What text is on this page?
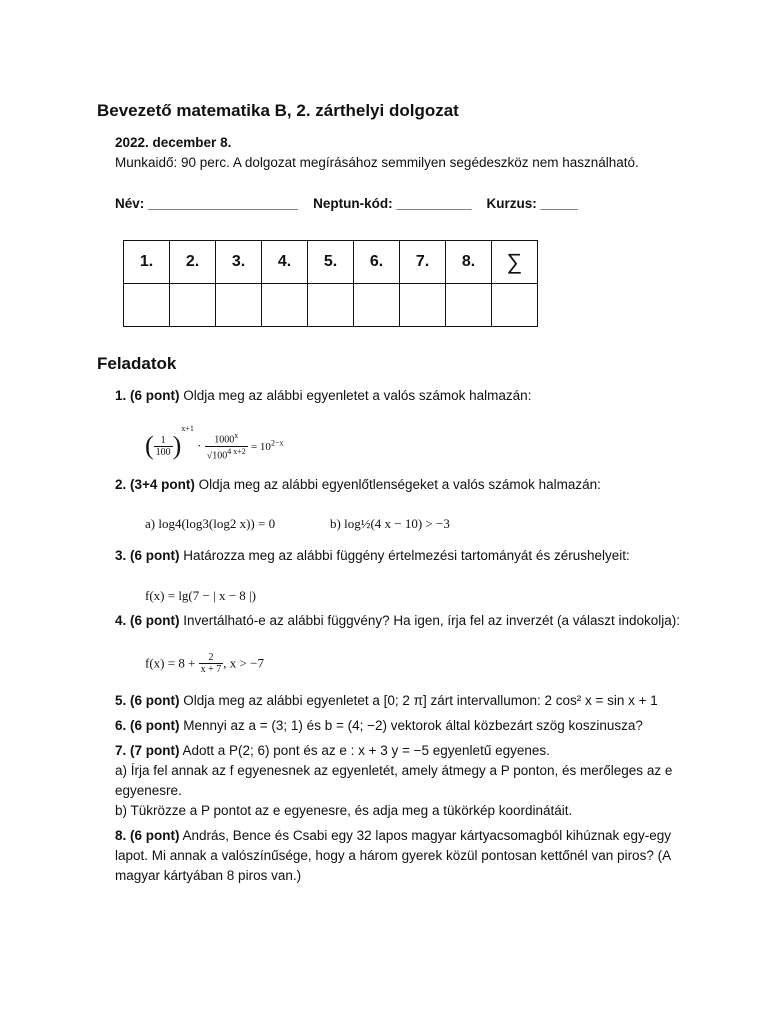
Bevezető matematika B, 2. zárthelyi dolgozat
2022. december 8.
Munkaidő: 90 perc. A dolgozat megírásához semmilyen segédeszköz nem használható.
Név: ____________________    Neptun-kód: __________    Kurzus: _____
1.	2.	3.	4.	5.	6.	7.	8.	∑

Feladatok
1. (6 pont) Oldja meg az alábbi egyenletet a valós számok halmazán:
( $\frac{1}{100} )^{x+1} \cdot \frac{1000^x}{√100^{4 x+2}} = 10^{2-x}$
2. (3+4 pont) Oldja meg az alábbi egyenlőtlenségeket a valós számok halmazán:
a) log4(log3(log2 x)) = 0	b) log½(4 x − 10) > −3
3. (6 pont) Határozza meg az alábbi függény értelmezési tartományát és zérushelyeit:
f(x) = lg(7 − | x − 8 |)
4. (6 pont) Invertálható-e az alábbi függvény? Ha igen, írja fel az inverzét (a választ indokolja):
$f(x) = 8 + \frac{2}{x + 7}$ , x > −7
5. (6 pont) Oldja meg az alábbi egyenletet a [0; 2 π] zárt intervallumon: 2 cos² x = sin x + 1
6. (6 pont) Mennyi az a = (3; 1) és b = (4; −2) vektorok által közbezárt szög koszinusza?
7. (7 pont) Adott a P(2; 6) pont és az e : x + 3 y = −5 egyenletű egyenes.
a) Írja fel annak az f egyenesnek az egyenletét, amely átmegy a P ponton, és merőleges az e egyenesre.
b) Tükrözze a P pontot az e egyenesre, és adja meg a tükörkép koordinátáit.
8. (6 pont) András, Bence és Csabi egy 32 lapos magyar kártyacsomagból kihúznak egy-egy lapot. Mi annak a valószínűsége, hogy a három gyerek közül pontosan kettőnél van piros? (A magyar kártyában 8 piros van.)
